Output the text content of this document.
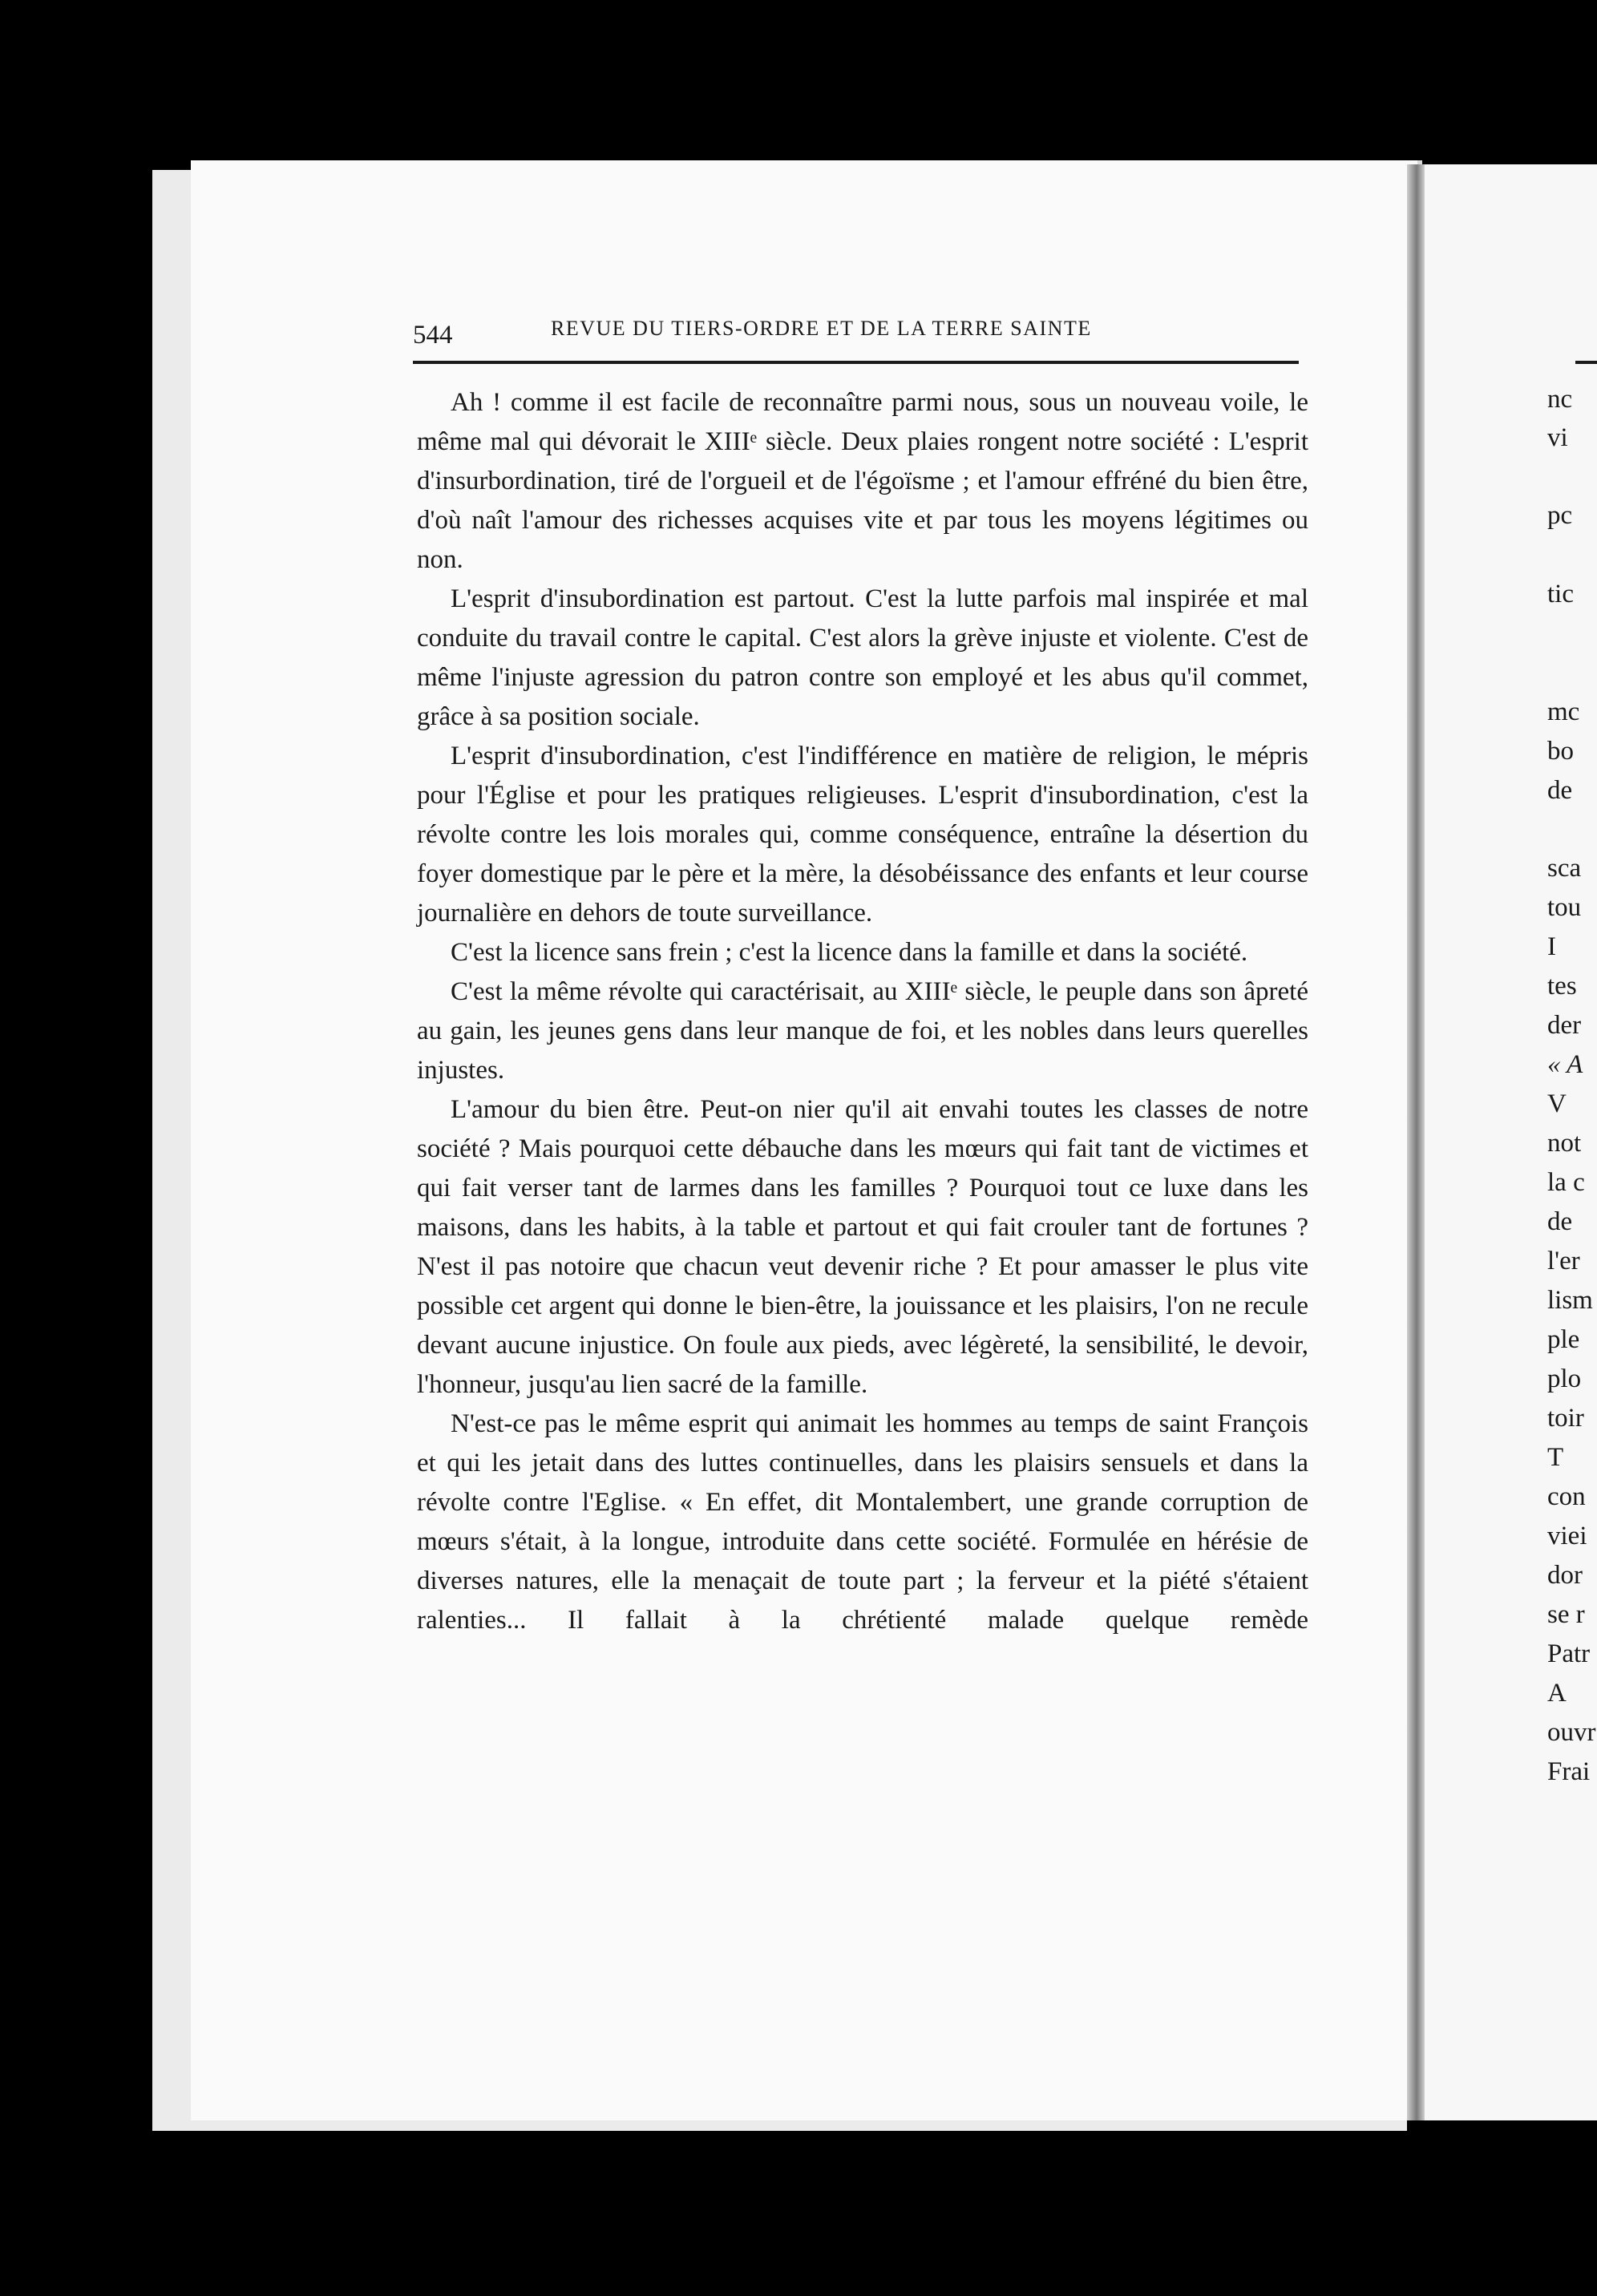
544	REVUE DU TIERS-ORDRE ET DE LA TERRE SAINTE

Ah ! comme il est facile de reconnaître parmi nous, sous un nouveau voile, le même mal qui dévorait le XIIIᵉ siècle. Deux plaies rongent notre société : L'esprit d'insurbordination, tiré de l'orgueil et de l'égoïsme ; et l'amour effréné du bien être, d'où naît l'amour des richesses acquises vite et par tous les moyens légitimes ou non.

L'esprit d'insubordination est partout. C'est la lutte parfois mal inspirée et mal conduite du travail contre le capital. C'est alors la grève injuste et violente. C'est de même l'injuste agression du patron contre son employé et les abus qu'il commet, grâce à sa position sociale.

L'esprit d'insubordination, c'est l'indifférence en matière de religion, le mépris pour l'Église et pour les pratiques religieuses. L'esprit d'insubordination, c'est la révolte contre les lois morales qui, comme conséquence, entraîne la désertion du foyer domestique par le père et la mère, la désobéissance des enfants et leur course journalière en dehors de toute surveillance.

C'est la licence sans frein ; c'est la licence dans la famille et dans la société.

C'est la même révolte qui caractérisait, au XIIIᵉ siècle, le peuple dans son âpreté au gain, les jeunes gens dans leur manque de foi, et les nobles dans leurs querelles injustes.

L'amour du bien être. Peut-on nier qu'il ait envahi toutes les classes de notre société ? Mais pourquoi cette débauche dans les mœurs qui fait tant de victimes et qui fait verser tant de larmes dans les familles ? Pourquoi tout ce luxe dans les maisons, dans les habits, à la table et partout et qui fait crouler tant de fortunes ? N'est il pas notoire que chacun veut devenir riche ? Et pour amasser le plus vite possible cet argent qui donne le bien-être, la jouissance et les plaisirs, l'on ne recule devant aucune injustice. On foule aux pieds, avec légèreté, la sensibilité, le devoir, l'honneur, jusqu'au lien sacré de la famille.

N'est-ce pas le même esprit qui animait les hommes au temps de saint François et qui les jetait dans des luttes continuelles, dans les plaisirs sensuels et dans la révolte contre l'Eglise. « En effet, dit Montalembert, une grande corruption de mœurs s'était, à la longue, introduite dans cette société. Formulée en hérésie de diverses natures, elle la menaçait de toute part ; la ferveur et la piété s'étaient ralenties... Il fallait à la chrétienté malade quelque remède

nc
vi
pc
tic
mc
bo
de
sca
tou
I
tes
der
« A
V
not
la c
de
l'er
lism
ple
plo
toir
T
con
viei
dor
se r
Patr
A
ouvr
Frai
